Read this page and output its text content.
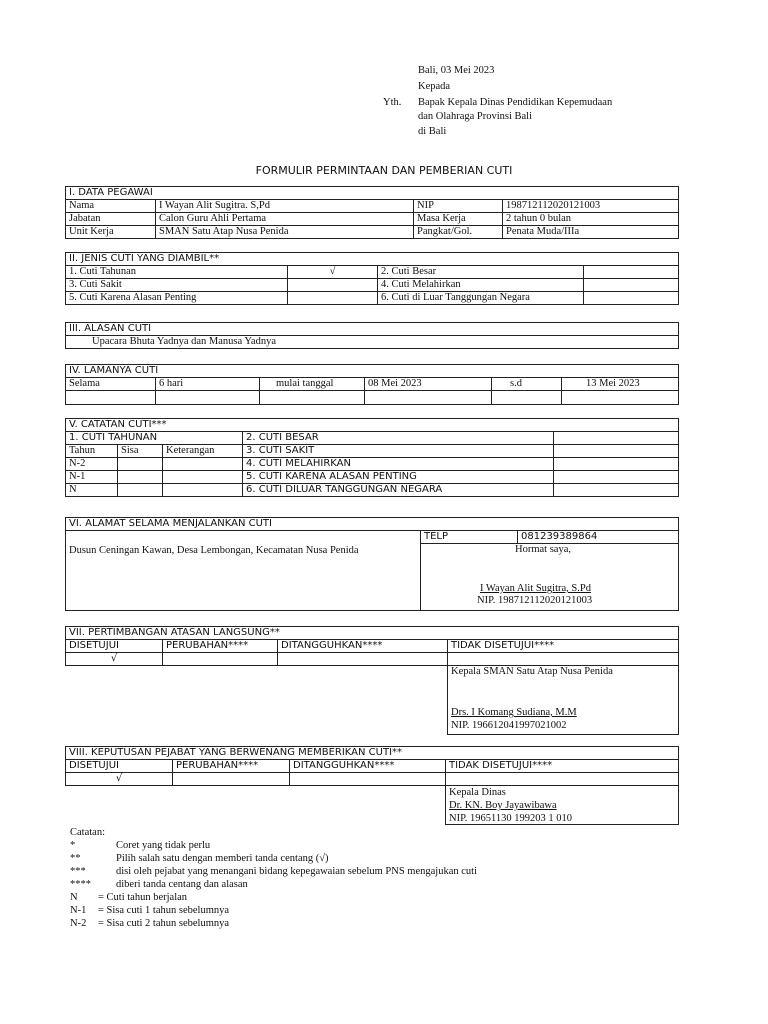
Bali, 03 Mei 2023
Kepada
Yth. Bapak Kepala Dinas Pendidikan Kepemudaan
dan Olahraga Provinsi Bali
di Bali
FORMULIR PERMINTAAN DAN PEMBERIAN CUTI
I. DATA PEGAWAI			
Nama	I Wayan Alit Sugitra. S,Pd	NIP	198712112020121003
Jabatan	Calon Guru Ahli Pertama	Masa Kerja	2 tahun 0 bulan
Unit Kerja	SMAN Satu Atap Nusa Penida	Pangkat/Gol.	Penata Muda/IIIa
II. JENIS CUTI YANG DIAMBIL**			
1. Cuti Tahunan	√	2. Cuti Besar	
3. Cuti Sakit		4. Cuti Melahirkan	
5. Cuti Karena Alasan Penting		6. Cuti di Luar Tanggungan Negara	
III. ALASAN CUTI
Upacara Bhuta Yadnya dan Manusa Yadnya
IV. LAMANYA CUTI					
Selama	6 hari	mulai tanggal	08 Mei 2023	s.d	13 Mei 2023

V. CATATAN CUTI***				
1. CUTI TAHUNAN			2. CUTI BESAR	
Tahun	Sisa	Keterangan	3. CUTI SAKIT	
N-2			4. CUTI MELAHIRKAN	
N-1			5. CUTI KARENA ALASAN PENTING	
N			6. CUTI DILUAR TANGGUNGAN NEGARA	
VI. ALAMAT SELAMA MENJALANKAN CUTI		
	TELP	081239389864
Dusun Ceningan Kawan, Desa Lembongan, Kecamatan Nusa Penida	Hormat saya,
I Wayan Alit Sugitra, S.Pd
NIP. 198712112020121003	
VII. PERTIMBANGAN ATASAN LANGSUNG**			
DISETUJUI	PERUBAHAN****	DITANGGUHKAN****	TIDAK DISETUJUI****
√			

			Kepala SMAN Satu Atap Nusa Penida
Drs. I Komang Sudiana, M.M
NIP. 196612041997021002
VIII. KEPUTUSAN PEJABAT YANG BERWENANG MEMBERIKAN CUTI**			
DISETUJUI	PERUBAHAN****	DITANGGUHKAN****	TIDAK DISETUJUI****
√			

			Kepala Dinas
Dr. KN. Boy Jayawibawa
NIP. 19651130 199203 1 010
Catatan:
*	Coret yang tidak perlu
**	Pilih salah satu dengan memberi tanda centang (√)
***	disi oleh pejabat yang menangani bidang kepegawaian sebelum PNS mengajukan cuti
**** diberi tanda centang dan alasan
N = Cuti tahun berjalan
N-1 = Sisa cuti 1 tahun sebelumnya
N-2 = Sisa cuti 2 tahun sebelumnya
